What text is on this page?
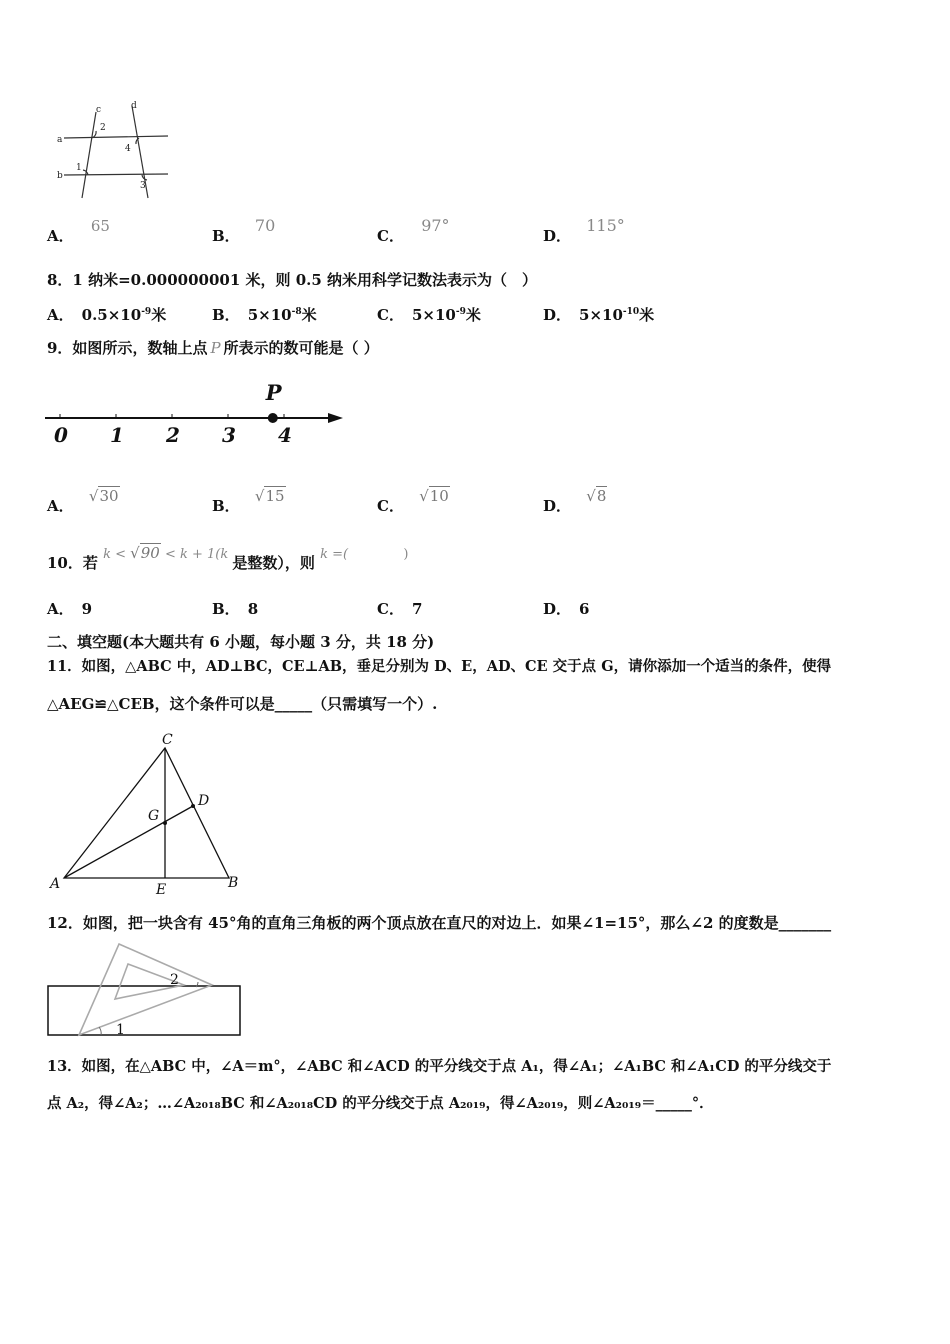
c	d
a
b
1
2
3
4
A． 65
B． 70
C． 97°
D． 115°
8．1 纳米=0.000000001 米，则 0.5 纳米用科学记数法表示为（　）
A． $0.5\times 10^{-9}$米	B． $5\times 10^{-8}$米	C． $5\times 10^{-9}$米	D． $5\times 10^{-10}$米
9．如图所示，数轴上点 P 所表示的数可能是（ ）
0 1 2 3 4
P
A． √30
B． √15
C． √10
D． √8
10．若 k < √90 < k + 1(k 是整数），则 k =(	)
A． 9	B． 8	C． 7	D． 6
二、填空题(本大题共有 6 小题，每小题 3 分，共 18 分)
11．如图，△ABC 中，AD⊥BC，CE⊥AB，垂足分别为 D、E，AD、CE 交于点 G，请你添加一个适当的条件，使得
△AEG≌△CEB，这个条件可以是_____（只需填写一个）.
C
A	B
D
G
E
12．如图，把一块含有 45°角的直角三角板的两个顶点放在直尺的对边上．如果∠1=15°，那么∠2 的度数是_______
1
2
13．如图，在△ABC 中，∠A＝m°，∠ABC 和∠ACD 的平分线交于点 A₁，得∠A₁；∠A₁BC 和∠A₁CD 的平分线交于
点 A₂，得∠A₂；…∠A₂₀₁₈BC 和∠A₂₀₁₈CD 的平分线交于点 A₂₀₁₉，得∠A₂₀₁₉，则∠A₂₀₁₉＝_____°．
